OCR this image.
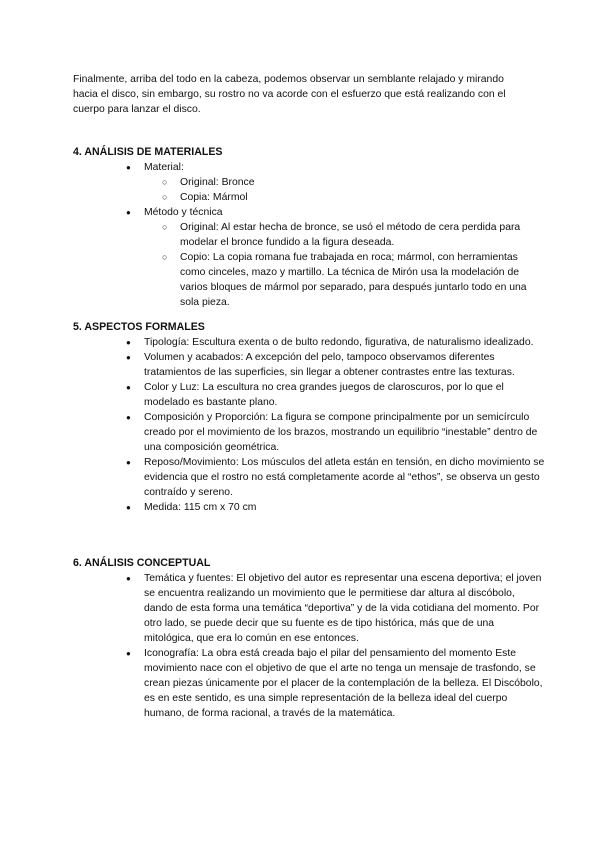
Finalmente, arriba del todo en la cabeza, podemos observar un semblante relajado y mirando hacia el disco, sin embargo, su rostro no va acorde con el esfuerzo que está realizando con el cuerpo para lanzar el disco.
4. ANÁLISIS DE MATERIALES
● Material:
○ Original: Bronce
○ Copia: Mármol
● Método y técnica
○ Original: Al estar hecha de bronce, se usó el método de cera perdida para modelar el bronce fundido a la figura deseada.
○ Copio: La copia romana fue trabajada en roca; mármol, con herramientas como cinceles, mazo y martillo. La técnica de Mirón usa la modelación de varios bloques de mármol por separado, para después juntarlo todo en una sola pieza.
5. ASPECTOS FORMALES
● Tipología: Escultura exenta o de bulto redondo, figurativa, de naturalismo idealizado.
● Volumen y acabados: A excepción del pelo, tampoco observamos diferentes tratamientos de las superficies, sin llegar a obtener contrastes entre las texturas.
● Color y Luz: La escultura no crea grandes juegos de claroscuros, por lo que el modelado es bastante plano.
● Composición y Proporción: La figura se compone principalmente por un semicírculo creado por el movimiento de los brazos, mostrando un equilibrio “inestable” dentro de una composición geométrica.
● Reposo/Movimiento: Los músculos del atleta están en tensión, en dicho movimiento se evidencia que el rostro no está completamente acorde al “ethos”, se observa un gesto contraído y sereno.
● Medida: 115 cm x 70 cm
6. ANÁLISIS CONCEPTUAL
● Temática y fuentes: El objetivo del autor es representar una escena deportiva; el joven se encuentra realizando un movimiento que le permitiese dar altura al discóbolo, dando de esta forma una temática “deportiva” y de la vida cotidiana del momento. Por otro lado, se puede decir que su fuente es de tipo histórica, más que de una mitológica, que era lo común en ese entonces.
● Iconografía: La obra está creada bajo el pilar del pensamiento del momento Este movimiento nace con el objetivo de que el arte no tenga un mensaje de trasfondo, se crean piezas únicamente por el placer de la contemplación de la belleza. El Discóbolo, es en este sentido, es una simple representación de la belleza ideal del cuerpo humano, de forma racional, a través de la matemática.
